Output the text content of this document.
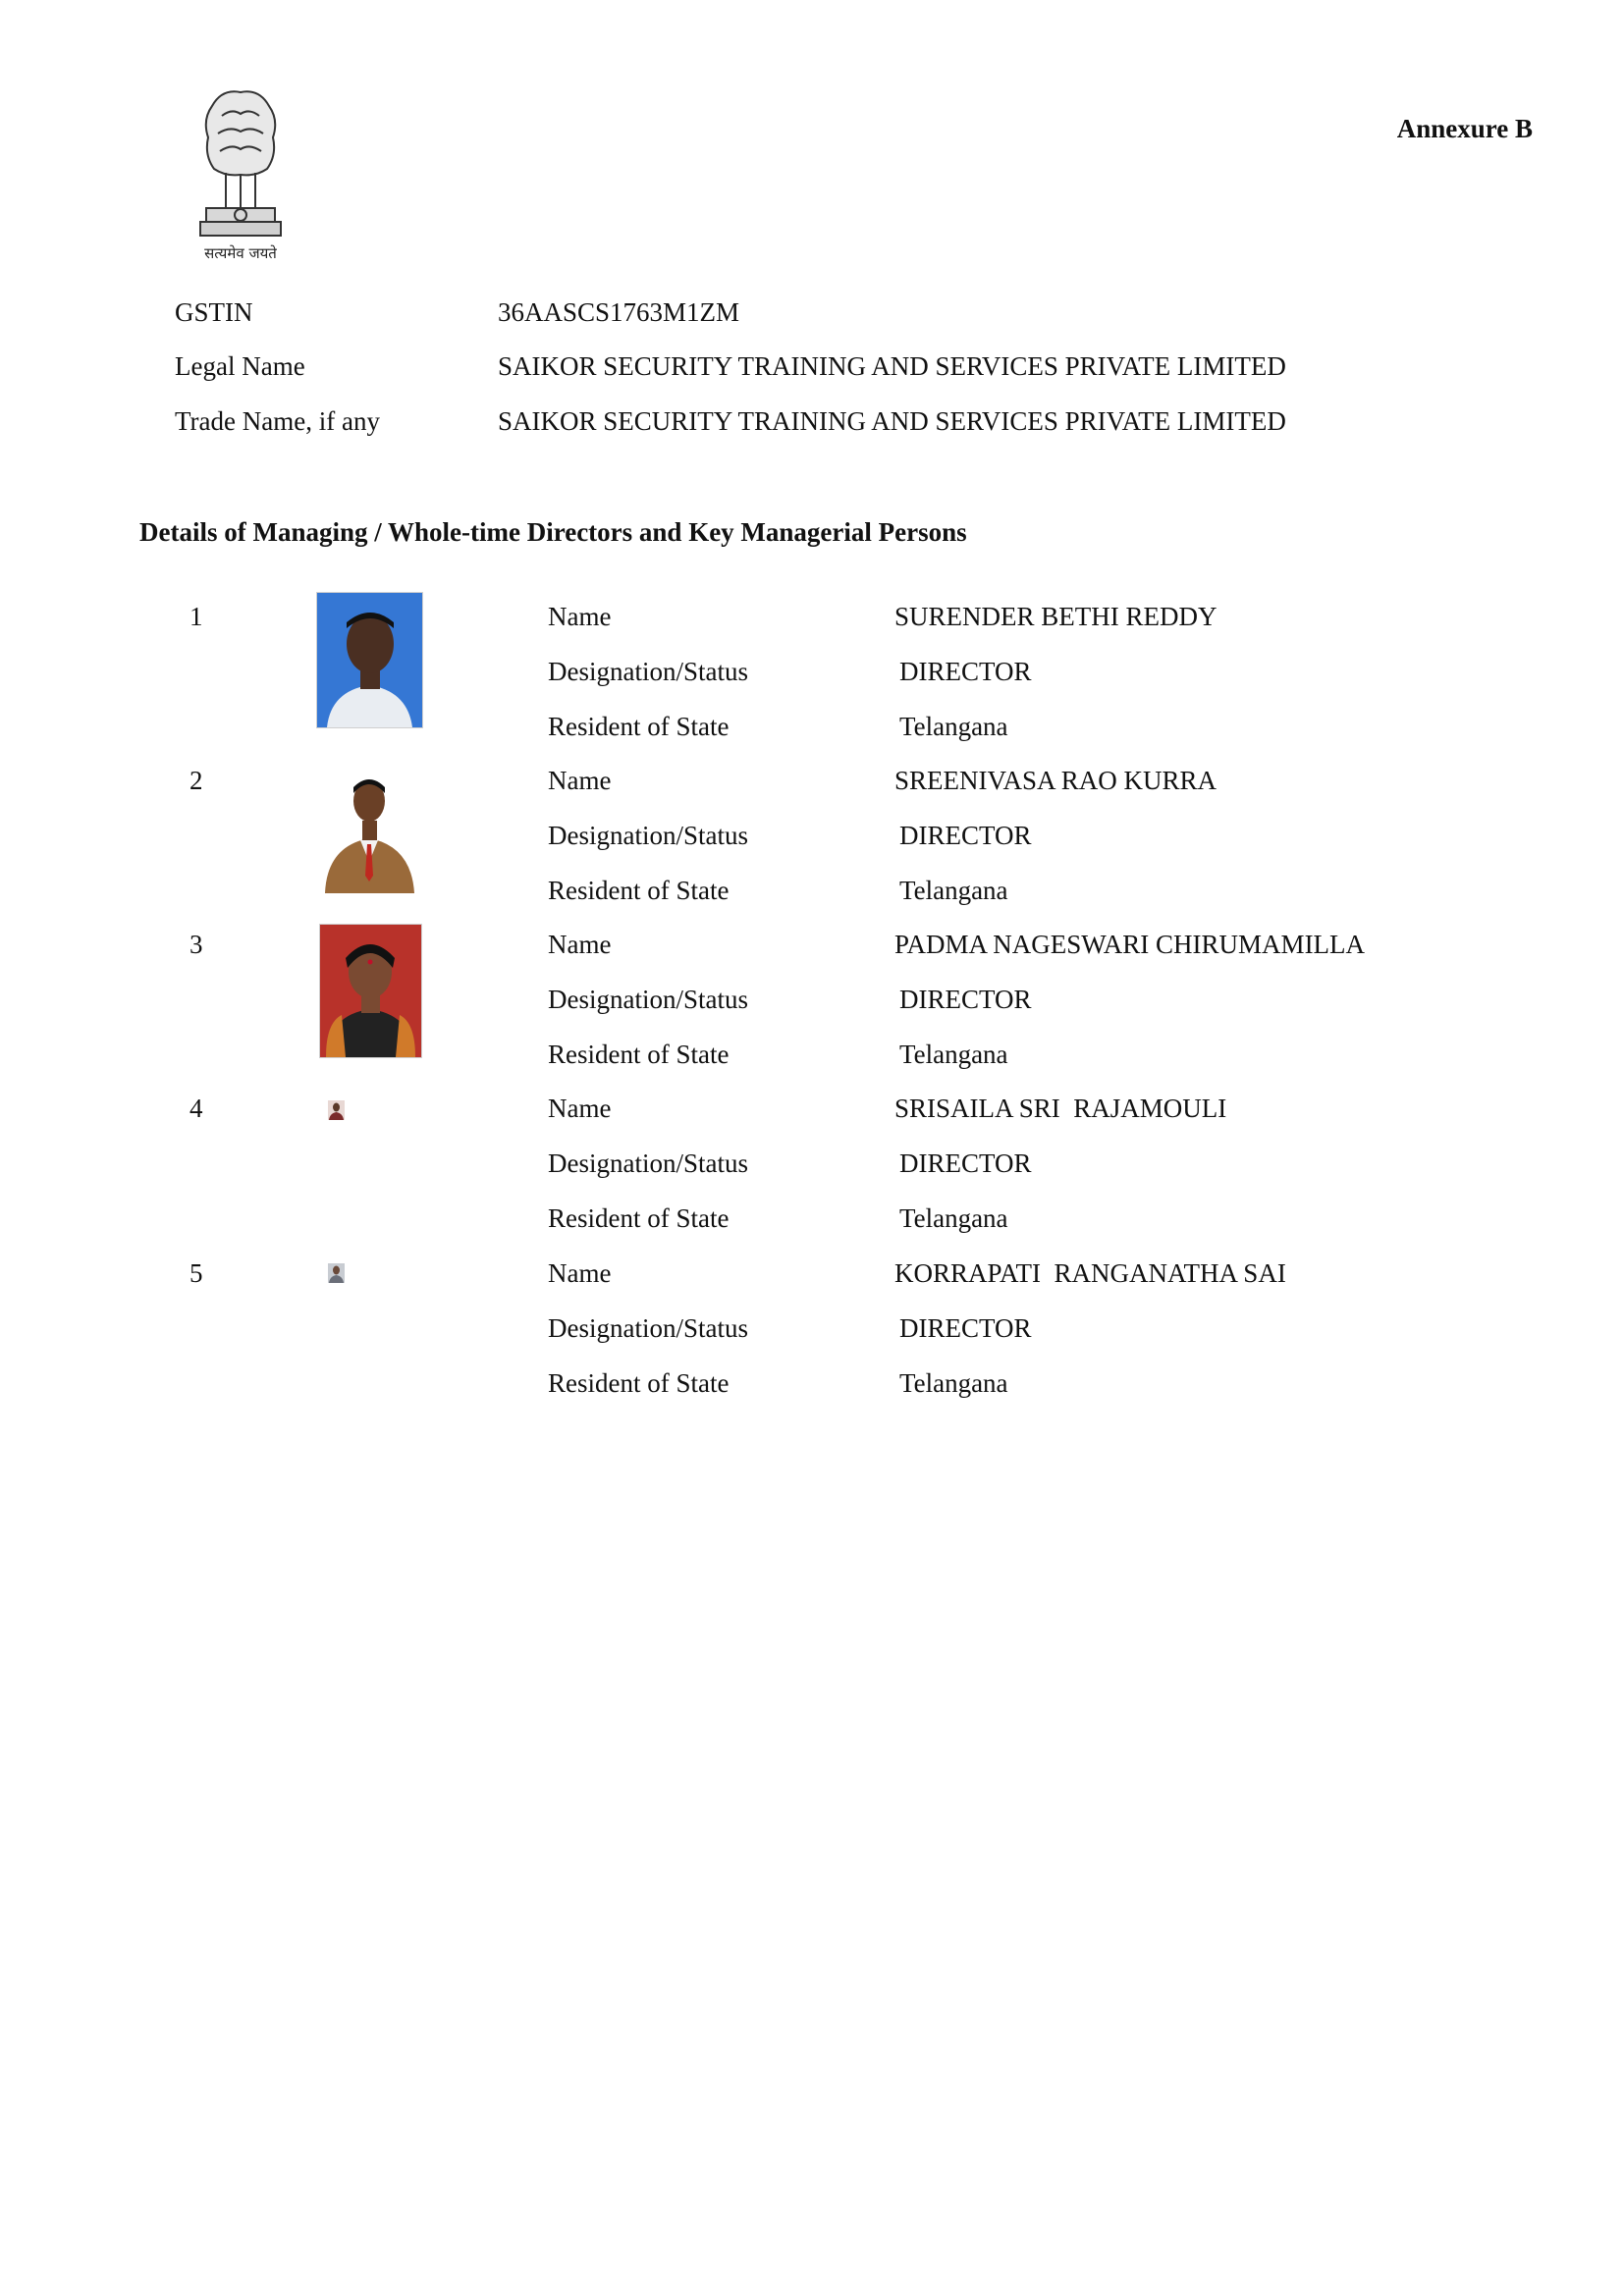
सत्यमेव जयते
Annexure B
GSTIN	36AASCS1763M1ZM
Legal Name	SAIKOR SECURITY TRAINING AND SERVICES PRIVATE LIMITED
Trade Name, if any	SAIKOR SECURITY TRAINING AND SERVICES PRIVATE LIMITED
Details of Managing / Whole-time Directors and Key Managerial Persons
1	Name	SURENDER BETHI REDDY
Designation/Status	DIRECTOR
Resident of State	Telangana
2	Name	SREENIVASA RAO KURRA
Designation/Status	DIRECTOR
Resident of State	Telangana
3	Name	PADMA NAGESWARI CHIRUMAMILLA
Designation/Status	DIRECTOR
Resident of State	Telangana
4	Name	SRISAILA SRI  RAJAMOULI
Designation/Status	DIRECTOR
Resident of State	Telangana
5	Name	KORRAPATI  RANGANATHA SAI
Designation/Status	DIRECTOR
Resident of State	Telangana
